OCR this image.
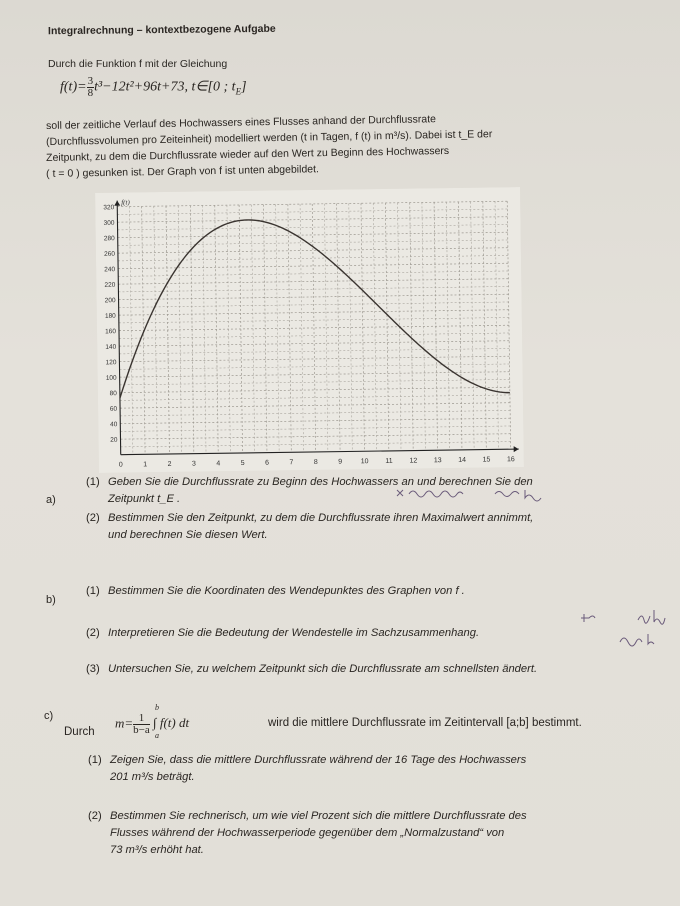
Integralrechnung – kontextbezogene Aufgabe
Durch die Funktion f mit der Gleichung
$f(t)= \frac{3}{8} t^3-12t^2+96t+73$, t∈[0 ; $t_E$]
soll der zeitliche Verlauf des Hochwassers eines Flusses anhand der Durchflussrate
(Durchflussvolumen pro Zeiteinheit) modelliert werden (t in Tagen, f (t) in m³/s). Dabei ist t_E der
Zeitpunkt, zu dem die Durchflussrate wieder auf den Wert zu Beginn des Hochwassers
( t = 0 ) gesunken ist. Der Graph von f ist unten abgebildet.
0	1	2	3	4	5	6	7	8	9	10 11 12 13 14 15 16
20
40
60
80
100
120
140
160
180
200
220
240
260
280
300
320
f(t)
a)
(1) Geben Sie die Durchflussrate zu Beginn des Hochwassers an und berechnen Sie den
Zeitpunkt t_E .
(2) Bestimmen Sie den Zeitpunkt, zu dem die Durchflussrate ihren Maximalwert annimmt,
und berechnen Sie diesen Wert.
b)
(1) Bestimmen Sie die Koordinaten des Wendepunktes des Graphen von f .
(2) Interpretieren Sie die Bedeutung der Wendestelle im Sachzusammenhang.
(3) Untersuchen Sie, zu welchem Zeitpunkt sich die Durchflussrate am schnellsten ändert.
c)
Durch
$m= \frac{1}{b-a}$

b
∫ f(t) dt
a
wird die mittlere Durchflussrate im Zeitintervall [a;b] bestimmt.
(1) Zeigen Sie, dass die mittlere Durchflussrate während der 16 Tage des Hochwassers
201 m³/s beträgt.
(2) Bestimmen Sie rechnerisch, um wie viel Prozent sich die mittlere Durchflussrate des
Flusses während der Hochwasserperiode gegenüber dem „Normalzustand“ von
73 m³/s erhöht hat.
